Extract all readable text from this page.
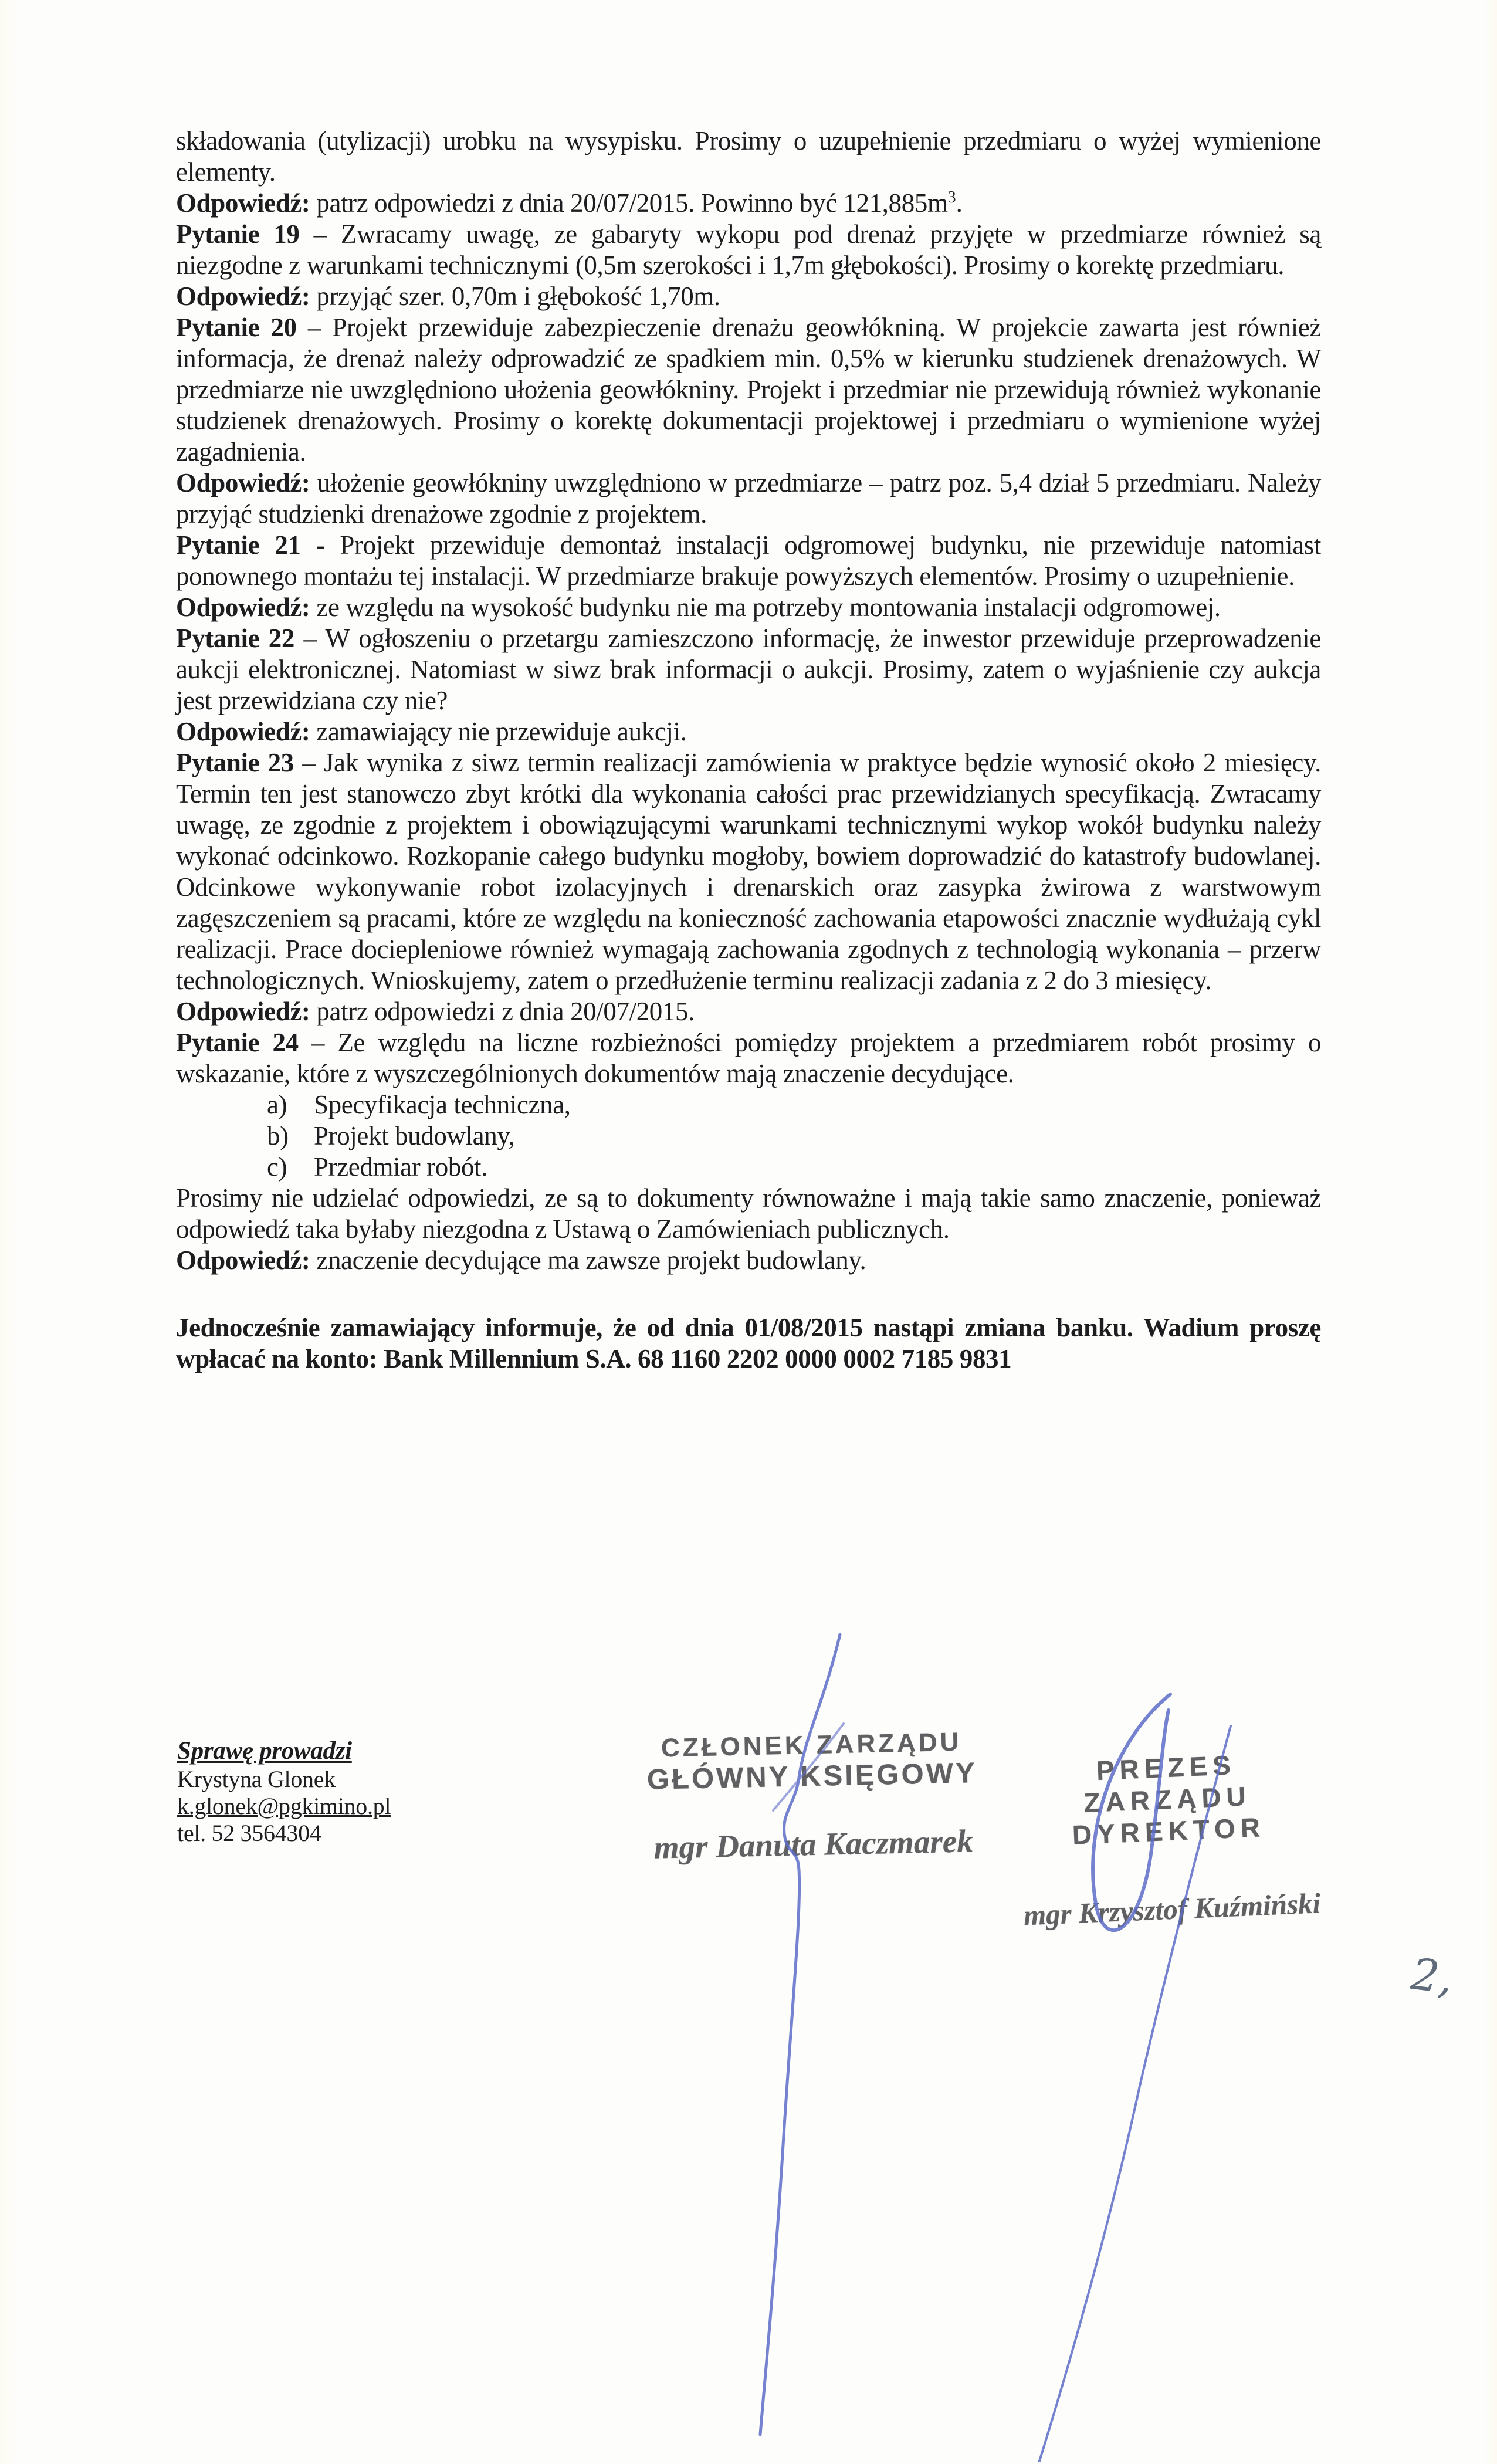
składowania (utylizacji) urobku na wysypisku. Prosimy o uzupełnienie przedmiaru o wyżej wymienione elementy.

Odpowiedź: patrz odpowiedzi z dnia 20/07/2015. Powinno być $121,885m^3$.

Pytanie 19 – Zwracamy uwagę, ze gabaryty wykopu pod drenaż przyjęte w przedmiarze również są niezgodne z warunkami technicznymi (0,5m szerokości i 1,7m głębokości). Prosimy o korektę przedmiaru.

Odpowiedź: przyjąć szer. 0,70m i głębokość 1,70m.

Pytanie 20 – Projekt przewiduje zabezpieczenie drenażu geowłókniną. W projekcie zawarta jest również informacja, że drenaż należy odprowadzić ze spadkiem min. 0,5% w kierunku studzienek drenażowych. W przedmiarze nie uwzględniono ułożenia geowłókniny. Projekt i przedmiar nie przewidują również wykonanie studzienek drenażowych. Prosimy o korektę dokumentacji projektowej i przedmiaru o wymienione wyżej zagadnienia.

Odpowiedź: ułożenie geowłókniny uwzględniono w przedmiarze – patrz poz. 5,4 dział 5 przedmiaru. Należy przyjąć studzienki drenażowe zgodnie z projektem.

Pytanie 21 - Projekt przewiduje demontaż instalacji odgromowej budynku, nie przewiduje natomiast ponownego montażu tej instalacji. W przedmiarze brakuje powyższych elementów. Prosimy o uzupełnienie.

Odpowiedź: ze względu na wysokość budynku nie ma potrzeby montowania instalacji odgromowej.

Pytanie 22 – W ogłoszeniu o przetargu zamieszczono informację, że inwestor przewiduje przeprowadzenie aukcji elektronicznej. Natomiast w siwz brak informacji o aukcji. Prosimy, zatem o wyjaśnienie czy aukcja jest przewidziana czy nie?

Odpowiedź: zamawiający nie przewiduje aukcji.

Pytanie 23 – Jak wynika z siwz termin realizacji zamówienia w praktyce będzie wynosić około 2 miesięcy. Termin ten jest stanowczo zbyt krótki dla wykonania całości prac przewidzianych specyfikacją. Zwracamy uwagę, ze zgodnie z projektem i obowiązującymi warunkami technicznymi wykop wokół budynku należy wykonać odcinkowo. Rozkopanie całego budynku mogłoby, bowiem doprowadzić do katastrofy budowlanej. Odcinkowe wykonywanie robot izolacyjnych i drenarskich oraz zasypka żwirowa z warstwowym zagęszczeniem są pracami, które ze względu na konieczność zachowania etapowości znacznie wydłużają cykl realizacji. Prace dociepleniowe również wymagają zachowania zgodnych z technologią wykonania – przerw technologicznych. Wnioskujemy, zatem o przedłużenie terminu realizacji zadania z 2 do 3 miesięcy.

Odpowiedź: patrz odpowiedzi z dnia 20/07/2015.

Pytanie 24 – Ze względu na liczne rozbieżności pomiędzy projektem a przedmiarem robót prosimy o wskazanie, które z wyszczególnionych dokumentów mają znaczenie decydujące.

a) Specyfikacja techniczna,
b) Projekt budowlany,
c) Przedmiar robót.

Prosimy nie udzielać odpowiedzi, ze są to dokumenty równoważne i mają takie samo znaczenie, ponieważ odpowiedź taka byłaby niezgodna z Ustawą o Zamówieniach publicznych.

Odpowiedź: znaczenie decydujące ma zawsze projekt budowlany.

Jednocześnie zamawiający informuje, że od dnia 01/08/2015 nastąpi zmiana banku. Wadium proszę wpłacać na konto: Bank Millennium S.A. 68 1160 2202 0000 0002 7185 9831

Sprawę prowadzi
Krystyna Glonek
k.glonek@pgkimino.pl
tel. 52 3564304
CZŁONEK ZARZĄDU
GŁÓWNY KSIĘGOWY
mgr Danuta Kaczmarek
PREZES ZARZĄDU
DYREKTOR
mgr Krzysztof Kuźmiński
2,
